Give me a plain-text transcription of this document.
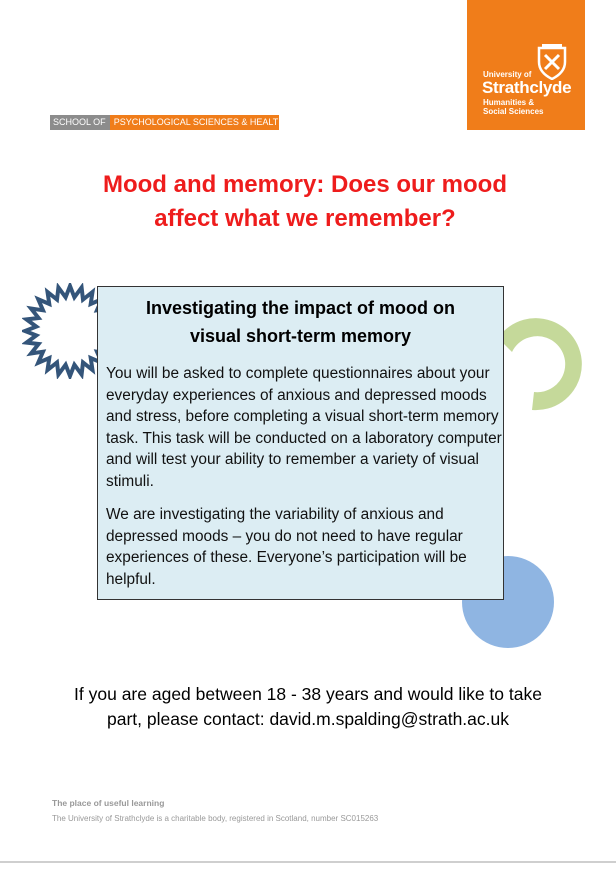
University of
Strathclyde
Humanities &
Social Sciences
SCHOOL OF PSYCHOLOGICAL SCIENCES & HEALTH
Mood and memory: Does our mood
affect what we remember?
Investigating the impact of mood on
visual short-term memory
You will be asked to complete questionnaires about your everyday experiences of anxious and depressed moods and stress, before completing a visual short-term memory task. This task will be conducted on a laboratory computer and will test your ability to remember a variety of visual stimuli.
We are investigating the variability of anxious and depressed moods – you do not need to have regular experiences of these. Everyone’s participation will be helpful.
If you are aged between 18 - 38 years and would like to take
part, please contact: david.m.spalding@strath.ac.uk
The place of useful learning
The University of Strathclyde is a charitable body, registered in Scotland, number SC015263
